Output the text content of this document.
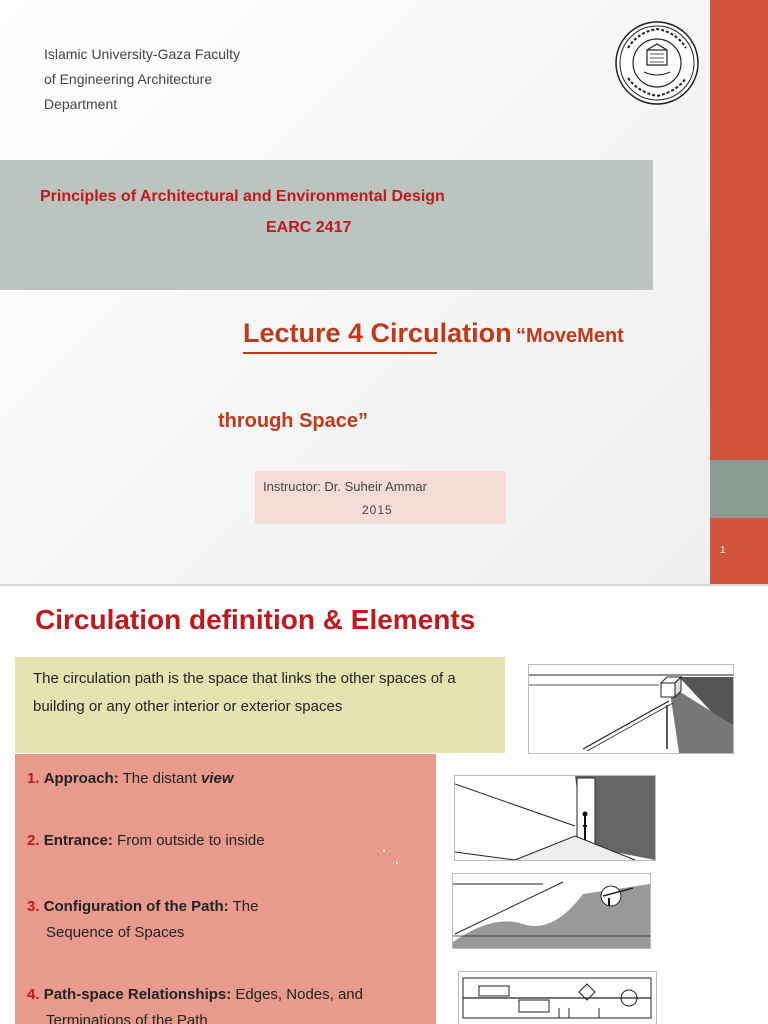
1
Islamic University-Gaza Faculty
of Engineering Architecture
Department
Principles of Architectural and Environmental Design
EARC 2417
Lecture 4 Circulation “MoveMent
through Space”
Instructor: Dr. Suheir Ammar
2015
Circulation definition & Elements
The circulation path is the space that links the other spaces of a building or any other interior or exterior spaces
1. Approach: The distant view
2. Entrance: From outside to inside
3. Configuration of the Path: The
Sequence of Spaces
4. Path-space Relationships: Edges, Nodes, and
Terminations of the Path
